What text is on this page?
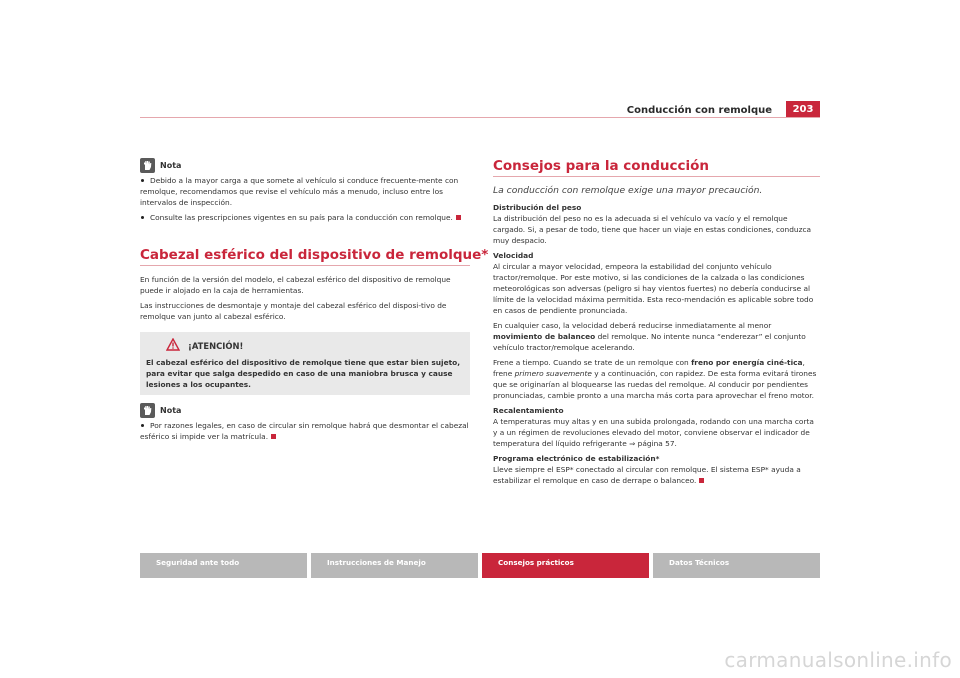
Conducción con remolque	203
Nota

Debido a la mayor carga a que somete al vehículo si conduce frecuente-mente con remolque, recomendamos que revise el vehículo más a menudo, incluso entre los intervalos de inspección.

Consulte las prescripciones vigentes en su país para la conducción con remolque.

Cabezal esférico del dispositivo de remolque*

En función de la versión del modelo, el cabezal esférico del dispositivo de remolque puede ir alojado en la caja de herramientas.

Las instrucciones de desmontaje y montaje del cabezal esférico del disposi-tivo de remolque van junto al cabezal esférico.

¡ATENCIÓN!
El cabezal esférico del dispositivo de remolque tiene que estar bien sujeto, para evitar que salga despedido en caso de una maniobra brusca y cause lesiones a los ocupantes.
Nota

Por razones legales, en caso de circular sin remolque habrá que desmontar el cabezal esférico si impide ver la matrícula.

Consejos para la conducción
La conducción con remolque exige una mayor precaución.

Distribución del peso
La distribución del peso no es la adecuada si el vehículo va vacío y el remolque cargado. Si, a pesar de todo, tiene que hacer un viaje en estas condiciones, conduzca muy despacio.

Velocidad
Al circular a mayor velocidad, empeora la estabilidad del conjunto vehículo tractor/remolque. Por este motivo, si las condiciones de la calzada o las condiciones meteorológicas son adversas (peligro si hay vientos fuertes) no debería conducirse al límite de la velocidad máxima permitida. Esta reco-mendación es aplicable sobre todo en casos de pendiente pronunciada.

En cualquier caso, la velocidad deberá reducirse inmediatamente al menor movimiento de balanceo del remolque. No intente nunca “enderezar” el conjunto vehículo tractor/remolque acelerando.

Frene a tiempo. Cuando se trate de un remolque con freno por energía ciné-tica, frene primero suavemente y a continuación, con rapidez. De esta forma evitará tirones que se originarían al bloquearse las ruedas del remolque. Al conducir por pendientes pronunciadas, cambie pronto a una marcha más corta para aprovechar el freno motor.

Recalentamiento
A temperaturas muy altas y en una subida prolongada, rodando con una marcha corta y a un régimen de revoluciones elevado del motor, conviene observar el indicador de temperatura del líquido refrigerante ⇒ página 57.

Programa electrónico de estabilización*
Lleve siempre el ESP* conectado al circular con remolque. El sistema ESP* ayuda a estabilizar el remolque en caso de derrape o balanceo.

Seguridad ante todo	Instrucciones de Manejo	Consejos prácticos	Datos Técnicos
carmanualsonline.info
